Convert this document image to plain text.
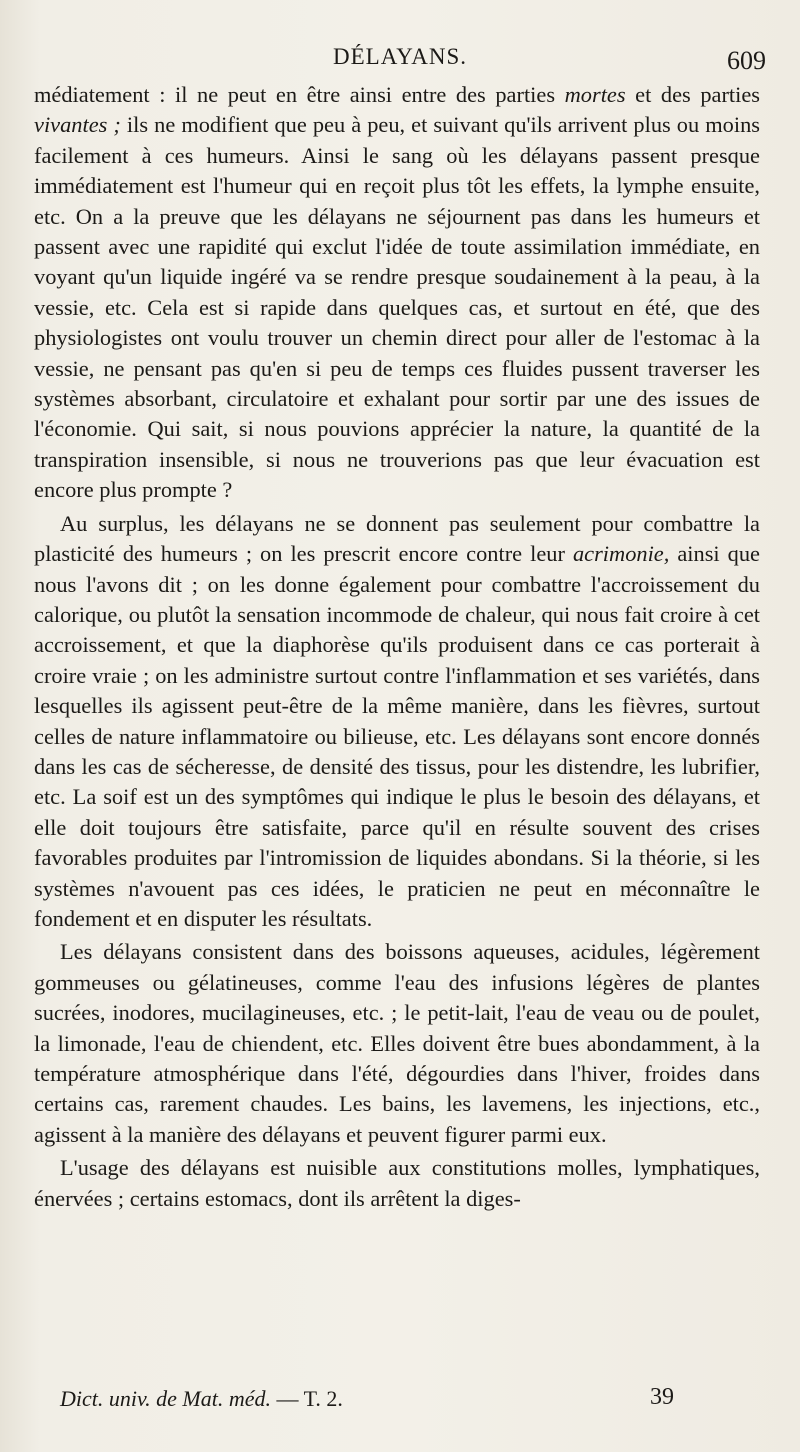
DÉLAYANS.	609

médiatement : il ne peut en être ainsi entre des parties mortes et des parties vivantes ; ils ne modifient que peu à peu, et suivant qu'ils arrivent plus ou moins facilement à ces humeurs. Ainsi le sang où les délayans passent presque immédiatement est l'humeur qui en reçoit plus tôt les effets, la lymphe ensuite, etc. On a la preuve que les délayans ne séjournent pas dans les humeurs et passent avec une rapidité qui exclut l'idée de toute assimilation immédiate, en voyant qu'un liquide ingéré va se rendre presque soudainement à la peau, à la vessie, etc. Cela est si rapide dans quelques cas, et surtout en été, que des physiologistes ont voulu trouver un chemin direct pour aller de l'estomac à la vessie, ne pensant pas qu'en si peu de temps ces fluides pussent traverser les systèmes absorbant, circulatoire et exhalant pour sortir par une des issues de l'économie. Qui sait, si nous pouvions apprécier la nature, la quantité de la transpiration insensible, si nous ne trouverions pas que leur évacuation est encore plus prompte ?

Au surplus, les délayans ne se donnent pas seulement pour combattre la plasticité des humeurs ; on les prescrit encore contre leur acrimonie, ainsi que nous l'avons dit ; on les donne également pour combattre l'accroissement du calorique, ou plutôt la sensation incommode de chaleur, qui nous fait croire à cet accroissement, et que la diaphorèse qu'ils produisent dans ce cas porterait à croire vraie ; on les administre surtout contre l'inflammation et ses variétés, dans lesquelles ils agissent peut-être de la même manière, dans les fièvres, surtout celles de nature inflammatoire ou bilieuse, etc. Les délayans sont encore donnés dans les cas de sécheresse, de densité des tissus, pour les distendre, les lubrifier, etc. La soif est un des symptômes qui indique le plus le besoin des délayans, et elle doit toujours être satisfaite, parce qu'il en résulte souvent des crises favorables produites par l'intromission de liquides abondans. Si la théorie, si les systèmes n'avouent pas ces idées, le praticien ne peut en méconnaître le fondement et en disputer les résultats.

Les délayans consistent dans des boissons aqueuses, acidules, légèrement gommeuses ou gélatineuses, comme l'eau des infusions légères de plantes sucrées, inodores, mucilagineuses, etc. ; le petit-lait, l'eau de veau ou de poulet, la limonade, l'eau de chiendent, etc. Elles doivent être bues abondamment, à la température atmosphérique dans l'été, dégourdies dans l'hiver, froides dans certains cas, rarement chaudes. Les bains, les lavemens, les injections, etc., agissent à la manière des délayans et peuvent figurer parmi eux.

L'usage des délayans est nuisible aux constitutions molles, lymphatiques, énervées ; certains estomacs, dont ils arrêtent la diges-

Dict. univ. de Mat. méd. — T. 2.	39
